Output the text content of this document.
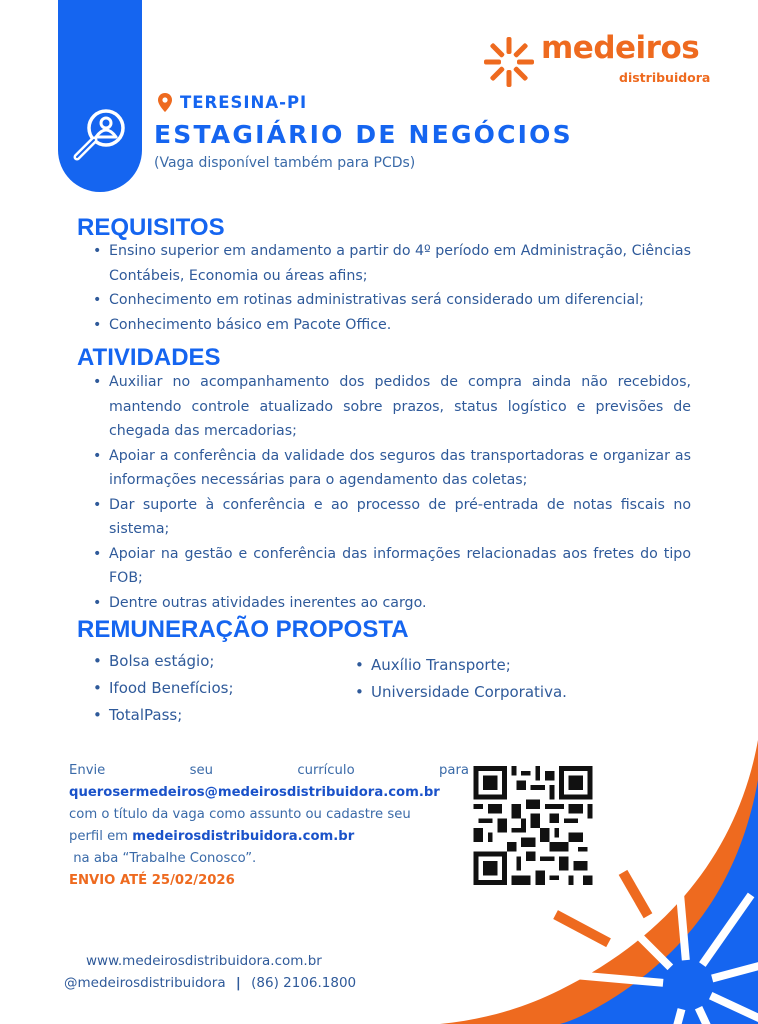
medeiros
distribuidora
TERESINA-PI
ESTAGIÁRIO DE NEGÓCIOS
(Vaga disponível também para PCDs)
REQUISITOS
• Ensino superior em andamento a partir do 4º período em Administração, Ciências Contábeis, Economia ou áreas afins;
• Conhecimento em rotinas administrativas será considerado um diferencial;
• Conhecimento básico em Pacote Office.
ATIVIDADES
• Auxiliar no acompanhamento dos pedidos de compra ainda não recebidos, mantendo controle atualizado sobre prazos, status logístico e previsões de chegada das mercadorias;
• Apoiar a conferência da validade dos seguros das transportadoras e organizar as informações necessárias para o agendamento das coletas;
• Dar suporte à conferência e ao processo de pré-entrada de notas fiscais no sistema;
• Apoiar na gestão e conferência das informações relacionadas aos fretes do tipo FOB;
• Dentre outras atividades inerentes ao cargo.
REMUNERAÇÃO PROPOSTA
• Bolsa estágio;
• Ifood Benefícios;
• TotalPass;
• Auxílio Transporte;
• Universidade Corporativa.
Envie	seu	currículo	para
querosermedeiros@medeirosdistribuidora.com.br
com o título da vaga como assunto ou cadastre seu
perfil em medeirosdistribuidora.com.br
na aba “Trabalhe Conosco”.
ENVIO ATÉ 25/02/2026
www.medeirosdistribuidora.com.br
@medeirosdistribuidora | (86) 2106.1800
